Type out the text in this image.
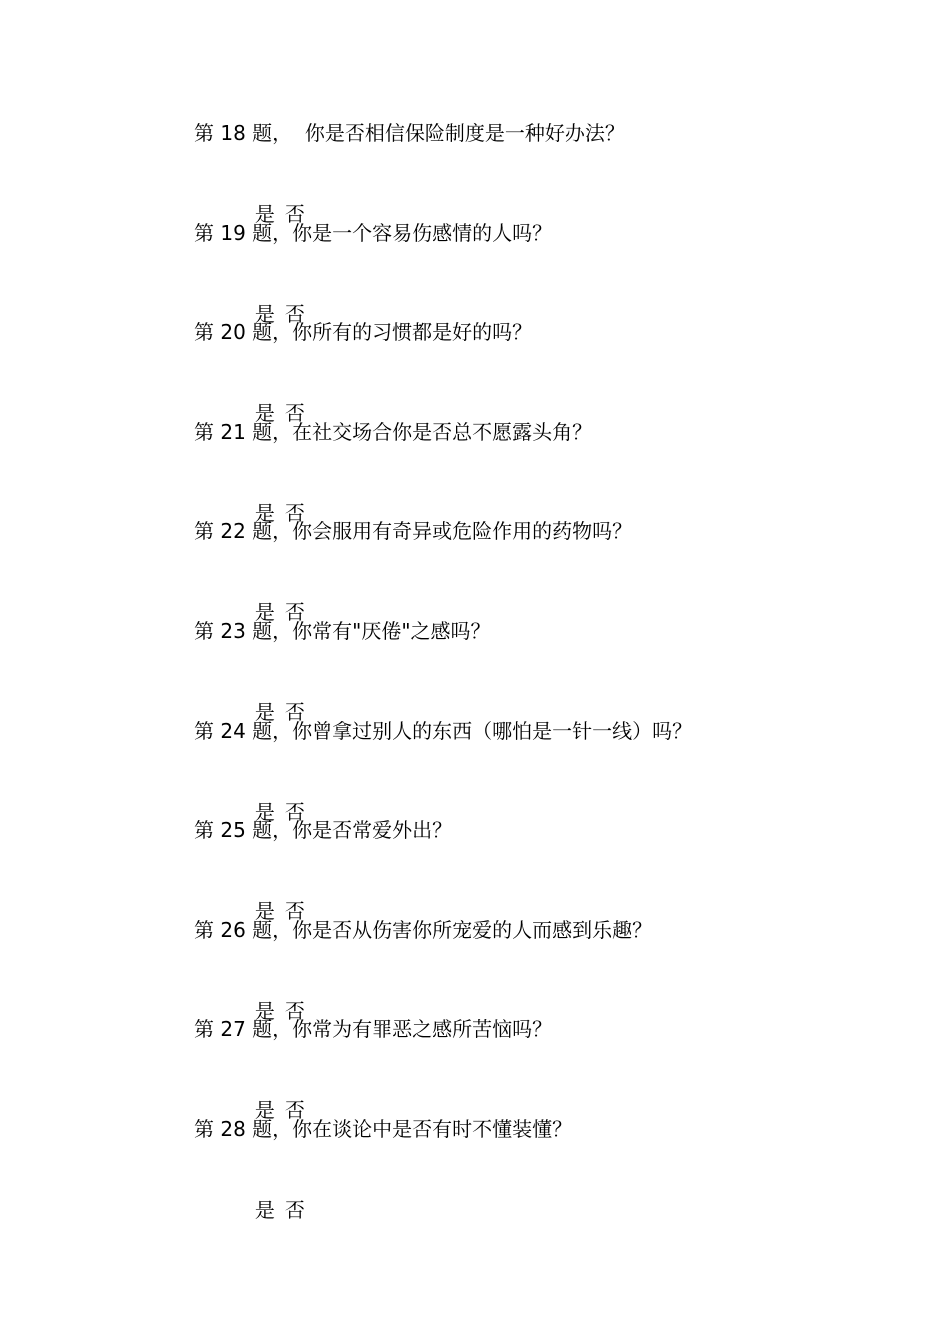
第 18 题，  你是否相信保险制度是一种好办法？

是 否

第 19 题，你是一个容易伤感情的人吗？

是 否

第 20 题，你所有的习惯都是好的吗？

是 否

第 21 题，在社交场合你是否总不愿露头角？

是 否

第 22 题，你会服用有奇异或危险作用的药物吗？

是 否

第 23 题，你常有"厌倦"之感吗？

是 否

第 24 题，你曾拿过别人的东西（哪怕是一针一线）吗？

是 否

第 25 题，你是否常爱外出？

是 否

第 26 题，你是否从伤害你所宠爱的人而感到乐趣？

是 否

第 27 题，你常为有罪恶之感所苦恼吗？

是 否

第 28 题，你在谈论中是否有时不懂装懂？

是 否
